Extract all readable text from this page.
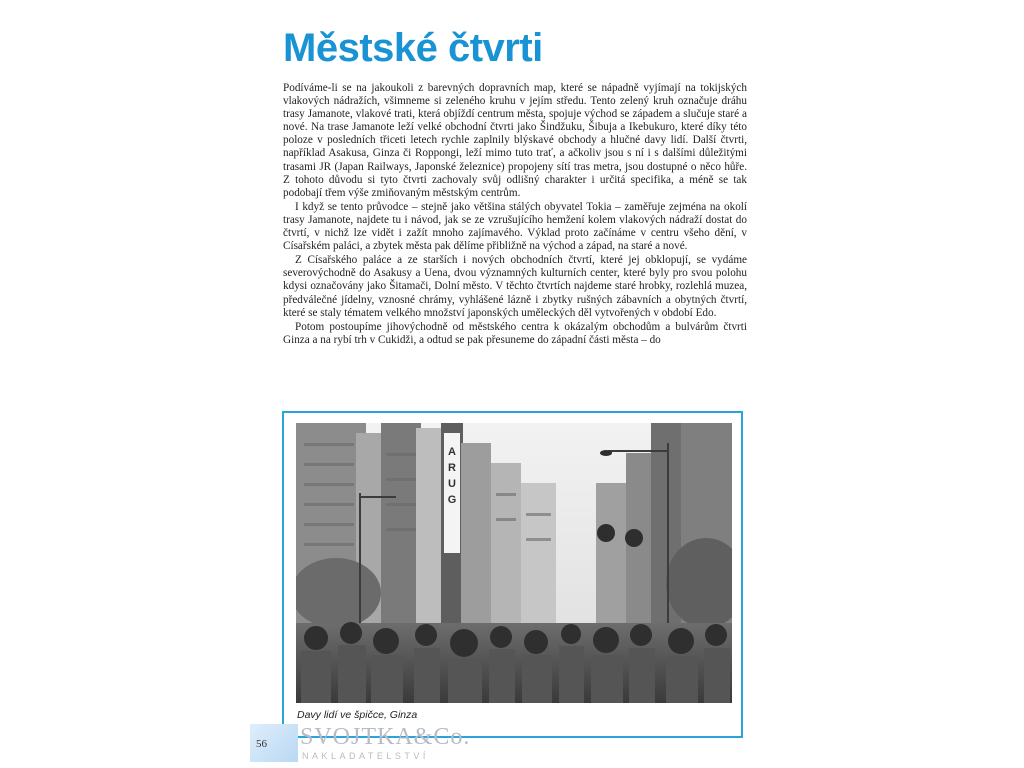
Městské čtvrti

Podíváme-li se na jakoukoli z barevných dopravních map, které se nápadně vyjímají na tokijských vlakových nádražích, všimneme si zeleného kruhu v jejím středu. Tento zelený kruh označuje dráhu trasy Jamanote, vlakové trati, která objíždí centrum města, spojuje východ se západem a slučuje staré a nové. Na trase Jamanote leží velké obchodní čtvrti jako Šindžuku, Šibuja a Ikebukuro, které díky této poloze v posledních třiceti letech rychle zaplnily blýskavé obchody a hlučné davy lidí. Další čtvrti, například Asakusa, Ginza či Roppongi, leží mimo tuto trať, a ačkoliv jsou s ní i s dalšími důležitými trasami JR (Japan Railways, Japonské železnice) propojeny sítí tras metra, jsou dostupné o něco hůře. Z tohoto důvodu si tyto čtvrti zachovaly svůj odlišný charakter i určitá specifika, a méně se tak podobají třem výše zmiňovaným městským centrům.

I když se tento průvodce – stejně jako většina stálých obyvatel Tokia – zaměřuje zejména na okolí trasy Jamanote, najdete tu i návod, jak se ze vzrušujícího hemžení kolem vlakových nádraží dostat do čtvrtí, v nichž lze vidět i zažít mnoho zajímavého. Výklad proto začínáme v centru všeho dění, v Císařském paláci, a zbytek města pak dělíme přibližně na východ a západ, na staré a nové.

Z Císařského paláce a ze starších i nových obchodních čtvrtí, které jej obklopují, se vydáme severovýchodně do Asakusy a Uena, dvou významných kulturních center, které byly pro svou polohu kdysi označovány jako Šitamači, Dolní město. V těchto čtvrtích najdeme staré hrobky, rozlehlá muzea, předválečné jídelny, vznosné chrámy, vyhlášené lázně i zbytky rušných zábavních a obytných čtvrtí, které se staly tématem velkého množství japonských uměleckých děl vytvořených v období Edo.

Potom postoupíme jihovýchodně od městského centra k okázalým obchodům a bulvárům čtvrti Ginza a na rybí trh v Cukidži, a odtud se pak přesuneme do západní části města – do

A
R
U
G
Davy lidí ve špičce, Ginza
56 SVOJTKA&Co.
NAKLADATELSTVÍ
